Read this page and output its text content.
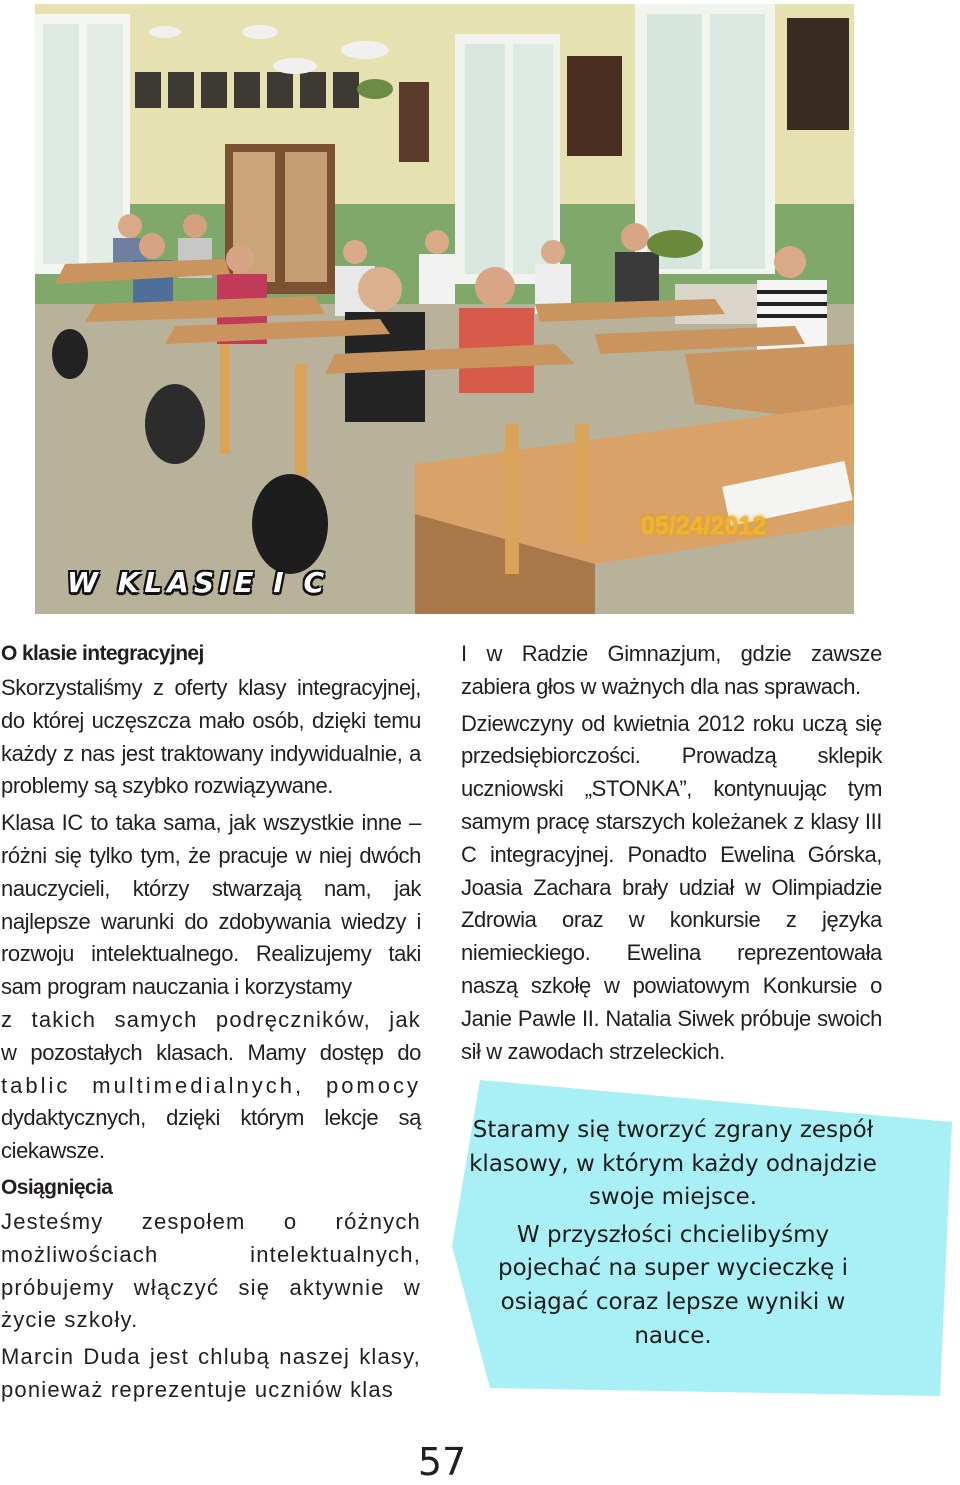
05/24/2012
W KLASIE I C
O klasie integracyjnej

Skorzystaliśmy z oferty klasy integracyjnej, do której uczęszcza mało osób, dzięki temu każdy z nas jest traktowany indywidualnie, a problemy są szybko rozwiązywane.

Klasa IC to taka sama, jak wszystkie inne – różni się tylko tym, że pracuje w niej dwóch nauczycieli, którzy stwarzają nam, jak najlepsze warunki do zdobywania wiedzy i rozwoju intelektualnego. Realizujemy taki sam program nauczania i korzystamy

z takich samych podręczników, jak

w pozostałych klasach. Mamy dostęp do

tablic multimedialnych, pomocy

dydaktycznych, dzięki którym lekcje są ciekawsze.

Osiągnięcia

Jesteśmy zespołem o różnych możliwościach intelektualnych, próbujemy włączyć się aktywnie w życie szkoły.

Marcin Duda jest chlubą naszej klasy, ponieważ reprezentuje uczniów klas

I w Radzie Gimnazjum, gdzie zawsze zabiera głos w ważnych dla nas sprawach.

Dziewczyny od kwietnia 2012 roku uczą się przedsiębiorczości. Prowadzą sklepik uczniowski „STONKA”, kontynuując tym samym pracę starszych koleżanek z klasy III C integracyjnej. Ponadto Ewelina Górska, Joasia Zachara brały udział w Olimpiadzie Zdrowia oraz w konkursie z języka niemieckiego. Ewelina reprezentowała naszą szkołę w powiatowym Konkursie o Janie Pawle II. Natalia Siwek próbuje swoich sił w zawodach strzeleckich.

Staramy się tworzyć zgrany zespół klasowy, w którym każdy odnajdzie swoje miejsce.

W przyszłości chcielibyśmy pojechać na super wycieczkę i osiągać coraz lepsze wyniki w nauce.

57
